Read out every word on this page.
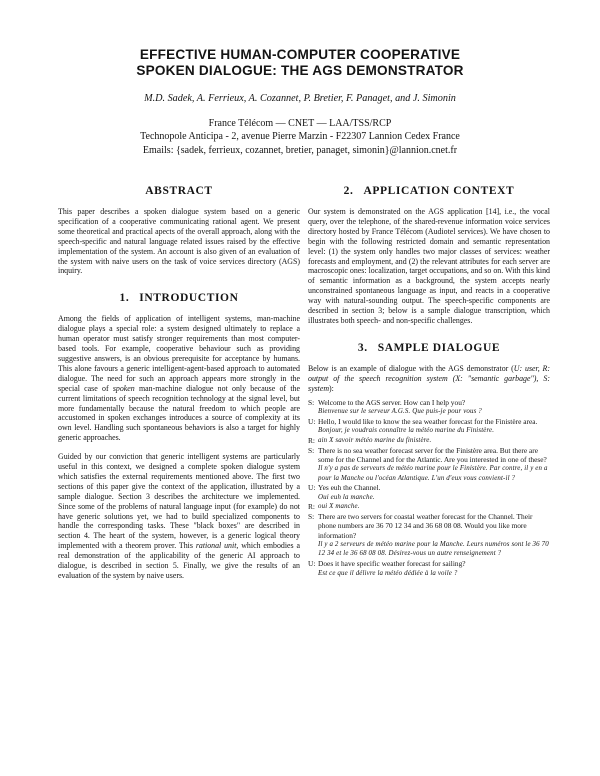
EFFECTIVE HUMAN-COMPUTER COOPERATIVE
SPOKEN DIALOGUE: THE AGS DEMONSTRATOR
M.D. Sadek, A. Ferrieux, A. Cozannet, P. Bretier, F. Panaget, and J. Simonin
France Télécom — CNET — LAA/TSS/RCP
Technopole Anticipa - 2, avenue Pierre Marzin - F22307 Lannion Cedex France
Emails: {sadek, ferrieux, cozannet, bretier, panaget, simonin}@lannion.cnet.fr
ABSTRACT

This paper describes a spoken dialogue system based on a generic specification of a cooperative communicating rational agent. We present some theoretical and practical apects of the overall approach, along with the speech-specific and natural language related issues raised by the effective implementation of the system. An account is also given of an evaluation of the system with naive users on the task of voice services directory (AGS) inquiry.

1. INTRODUCTION

Among the fields of application of intelligent systems, man-machine dialogue plays a special role: a system designed ultimately to replace a human operator must satisfy stronger requirements than most computer-based tools. For example, cooperative behaviour such as providing suggestive answers, is an obvious prerequisite for acceptance by humans. This alone favours a generic intelligent-agent-based approach to automated dialogue. The need for such an approach appears more strongly in the special case of spoken man-machine dialogue not only because of the current limitations of speech recognition technology at the signal level, but more fundamentally because the natural freedom to which people are accustomed in spoken exchanges introduces a source of complexity at its own level. Handling such spontaneous behaviors is also a target for highly generic approaches.

Guided by our conviction that generic intelligent systems are particularly useful in this context, we designed a complete spoken dialogue system which satisfies the external requirements mentioned above. The first two sections of this paper give the context of the application, illustrated by a sample dialogue. Section 3 describes the architecture we implemented. Since some of the problems of natural language input (for example) do not have generic solutions yet, we had to build specialized components to handle the corresponding tasks. These "black boxes" are described in section 4. The heart of the system, however, is a generic logical theory implemented with a theorem prover. This rational unit, which embodies a real demonstration of the applicability of the generic AI approach to dialogue, is described in section 5. Finally, we give the results of an evaluation of the system by naive users.

2. APPLICATION CONTEXT

Our system is demonstrated on the AGS application [14], i.e., the vocal query, over the telephone, of the shared-revenue information voice services directory hosted by France Télécom (Audiotel services). We have chosen to begin with the following restricted domain and semantic representation level: (1) the system only handles two major classes of services: weather forecasts and employment, and (2) the relevant attributes for each server are macroscopic ones: localization, target occupations, and so on. With this kind of semantic information as a background, the system accepts nearly unconstrained spontaneous language as input, and reacts in a cooperative way with natural-sounding output. The speech-specific components are described in section 3; below is a sample dialogue transcription, which illustrates both speech- and non-specific challenges.

3. SAMPLE DIALOGUE

Below is an example of dialogue with the AGS demonstrator (U: user, R: output of the speech recognition system (X: "semantic garbage"), S: system):

S: Welcome to the AGS server. How can I help you?
Bienvenue sur le serveur A.G.S. Que puis-je pour vous ?
U: Hello, I would like to know the sea weather forecast for the Finistère area.
Bonjour, je voudrais connaître la météo marine du Finistère.
R: ain X savoir météo marine du finistère.
S: There is no sea weather forecast server for the Finistère area. But there are some for the Channel and for the Atlantic. Are you interested in one of these?
Il n'y a pas de serveurs de météo marine pour le Finistère. Par contre, il y en a pour la Manche ou l'océan Atlantique. L'un d'eux vous convient-il ?
U: Yes euh the Channel.
Oui euh la manche.
R: oui X manche.
S: There are two servers for coastal weather forecast for the Channel. Their phone numbers are 36 70 12 34 and 36 68 08 08. Would you like more information?
Il y a 2 serveurs de météo marine pour la Manche. Leurs numéros sont le 36 70 12 34 et le 36 68 08 08. Désirez-vous un autre renseignement ?
U: Does it have specific weather forecast for sailing?
Est ce que il délivre la météo dédiée à la voile ?
